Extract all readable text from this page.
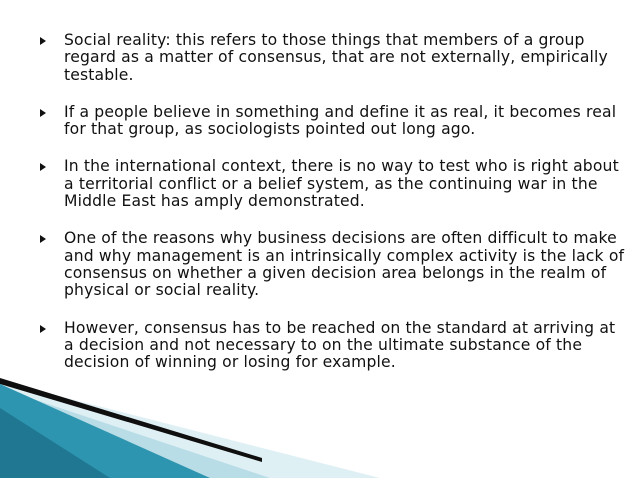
Social reality: this refers to those things that members of a group regard as a matter of consensus, that are not externally, empirically testable.
If a people believe in something and define it as real, it becomes real for that group, as sociologists pointed out long ago.
In the international context, there is no way to test who is right about a territorial conflict or a belief system, as the continuing war in the Middle East has amply demonstrated.
One of the reasons why business decisions are often difficult to make and why management is an intrinsically complex activity is the lack of consensus on whether a given decision area belongs in the realm of physical or social reality.
However, consensus has to be reached on the standard at arriving at a decision and not necessary to on the ultimate substance of the decision of winning or losing for example.
